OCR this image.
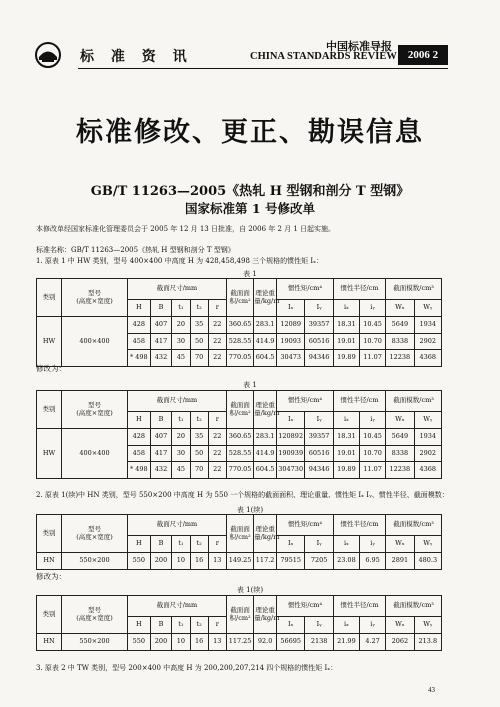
标 准 资 讯
中国标准导报
CHINA STANDARDS REVIEW	2006 2
标准修改、更正、勘误信息
GB/T 11263—2005《热轧 H 型钢和剖分 T 型钢》
国家标准第 1 号修改单
本修改单经国家标准化管理委员会于 2005 年 12 月 13 日批准，自 2006 年 2 月 1 日起实施。
标准名称：GB/T 11263—2005《热轧 H 型钢和剖分 T 型钢》
1. 原表 1 中 HW 类别，型号 400×400 中高度 H 为 428,458,498 三个规格的惯性矩 Iₓ：
表 1
类别	型号
(高度×宽度)	截面尺寸/mm					截面面积/cm²	理论重量/kg/m	惯性矩/cm⁴		惯性半径/cm		截面模数/cm³	
		H	B	t₁	t₂	r			Iₓ	Iᵧ	iₓ	iᵧ	Wₓ	Wᵧ
HW	400×400	428	407	20	35	22	360.65	283.1	12089	39357	18.31	10.45	5649	1934
		458	417	30	50	22	528.55	414.9	19093	60516	19.01	10.70	8338	2902
		* 498	432	45	70	22	770.05	604.5	30473	94346	19.89	11.07	12238	4368
修改为：
表 1
类别	型号
(高度×宽度)	截面尺寸/mm					截面面积/cm²	理论重量/kg/m	惯性矩/cm⁴		惯性半径/cm		截面模数/cm³	
		H	B	t₁	t₂	r			Iₓ	Iᵧ	iₓ	iᵧ	Wₓ	Wᵧ
HW	400×400	428	407	20	35	22	360.65	283.1	120892	39357	18.31	10.45	5649	1934
		458	417	30	50	22	528.55	414.9	190939	60516	19.01	10.70	8338	2902
		* 498	432	45	70	22	770.05	604.5	304730	94346	19.89	11.07	12238	4368
2. 原表 1(续)中 HN 类别，型号 550×200 中高度 H 为 550 一个规格的截面面积、理论重量、惯性矩 Iₓ Iᵧ、惯性半径、截面模数：
表 1(续)
类别	型号
(高度×宽度)	截面尺寸/mm					截面面积/cm²	理论重量/kg/m	惯性矩/cm⁴		惯性半径/cm		截面模数/cm³	
		H	B	t₁	t₂	r			Iₓ	Iᵧ	iₓ	iᵧ	Wₓ	Wᵧ
HN	550×200	550	200	10	16	13	149.25	117.2	79515	7205	23.08	6.95	2891	480.3
修改为：
表 1(续)
类别	型号
(高度×宽度)	截面尺寸/mm					截面面积/cm²	理论重量/kg/m	惯性矩/cm⁴		惯性半径/cm		截面模数/cm³	
		H	B	t₁	t₂	r			Iₓ	Iᵧ	iₓ	iᵧ	Wₓ	Wᵧ
HN	550×200	550	200	10	16	13	117.25	92.0	56695	2138	21.99	4.27	2062	213.8
3. 原表 2 中 TW 类别，型号 200×400 中高度 H 为 200,200,207,214 四个规格的惯性矩 Iₓ：
43
